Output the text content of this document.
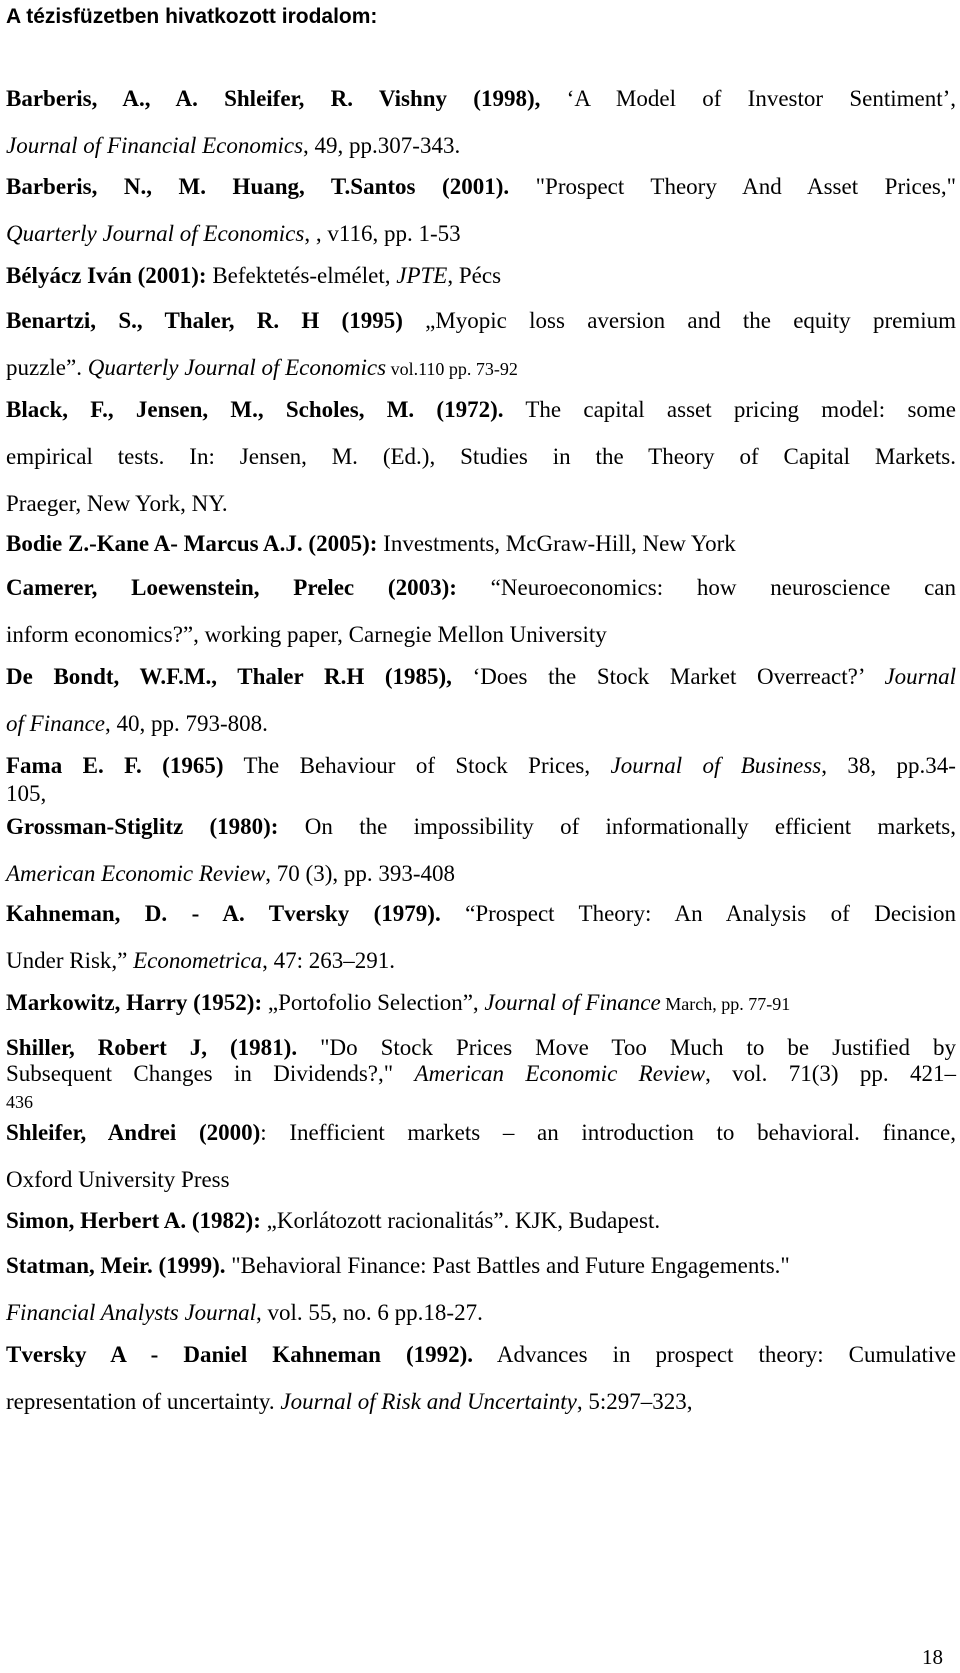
A tézisfüzetben hivatkozott irodalom:
Barberis, A., A. Shleifer, R. Vishny (1998), ‘A Model of Investor Sentiment’,
Journal of Financial Economics, 49, pp.307-343.
Barberis, N., M. Huang, T.Santos (2001). "Prospect Theory And Asset Prices,"
Quarterly Journal of Economics, , v116, pp. 1-53
Bélyácz Iván (2001): Befektetés-elmélet, JPTE, Pécs
Benartzi, S., Thaler, R. H (1995) „Myopic loss aversion and the equity premium
puzzle”. Quarterly Journal of Economics vol.110 pp. 73-92
Black, F., Jensen, M., Scholes, M. (1972). The capital asset pricing model: some
empirical tests. In: Jensen, M. (Ed.), Studies in the Theory of Capital Markets.
Praeger, New York, NY.
Bodie Z.-Kane A- Marcus A.J. (2005): Investments, McGraw-Hill, New York
Camerer, Loewenstein, Prelec (2003): “Neuroeconomics: how neuroscience can
inform economics?”, working paper, Carnegie Mellon University
De Bondt, W.F.M., Thaler R.H (1985), ‘Does the Stock Market Overreact?’ Journal
of Finance, 40, pp. 793-808.
Fama E. F. (1965) The Behaviour of Stock Prices, Journal of Business, 38, pp.34-
105,
Grossman-Stiglitz (1980): On the impossibility of informationally efficient markets,
American Economic Review, 70 (3), pp. 393-408
Kahneman, D. - A. Tversky (1979). “Prospect Theory: An Analysis of Decision
Under Risk,” Econometrica, 47: 263–291.
Markowitz, Harry (1952): „Portofolio Selection”, Journal of Finance March, pp. 77-91
Shiller, Robert J, (1981). "Do Stock Prices Move Too Much to be Justified by
Subsequent Changes in Dividends?," American Economic Review, vol. 71(3) pp. 421–
436
Shleifer, Andrei (2000): Inefficient markets – an introduction to behavioral. finance,
Oxford University Press
Simon, Herbert A. (1982): „Korlátozott racionalitás”. KJK, Budapest.
Statman, Meir. (1999). "Behavioral Finance: Past Battles and Future Engagements."
Financial Analysts Journal, vol. 55, no. 6 pp.18-27.
Tversky A - Daniel Kahneman (1992). Advances in prospect theory: Cumulative
representation of uncertainty. Journal of Risk and Uncertainty, 5:297–323,
18
